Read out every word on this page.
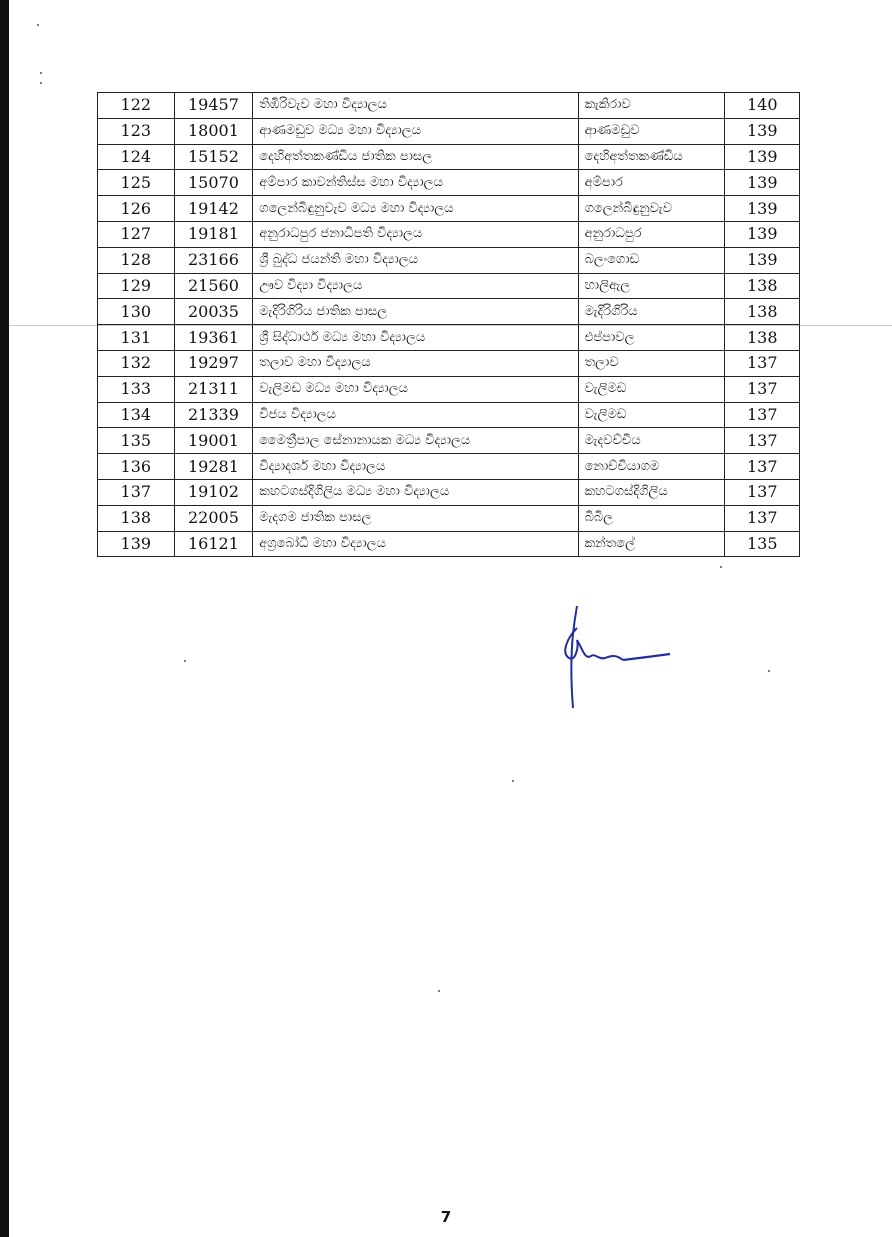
122	19457	තිඹිරිවැව මහා විද්‍යාලය	කැකිරාව	140
123	18001	ආණමඩුව මධ්‍ය මහා විද්‍යාලය	ආණමඩුව	139
124	15152	දෙහිඅත්තකණ්ඩිය ජාතික පාසල	දෙහිඅත්තකණ්ඩිය	139
125	15070	අම්පාර කාවන්තිස්ස මහා විද්‍යාලය	අම්පාර	139
126	19142	ගලෙන්බිඳුනුවැව මධ්‍ය මහා විද්‍යාලය	ගලෙන්බිඳුනුවැව	139
127	19181	අනුරාධපුර ජනාධිපති විද්‍යාලය	අනුරාධපුර	139
128	23166	ශ්‍රී බුද්ධ ජයන්ති මහා විද්‍යාලය	බලංගොඩ	139
129	21560	ඌව විද්‍යා විද්‍යාලය	හාලිඇල	138
130	20035	මැදිරිගිරිය ජාතික පාසල	මැදිරිගිරිය	138
131	19361	ශ්‍රී සිද්ධාර්ථ මධ්‍ය මහා විද්‍යාලය	එප්පාවල	138
132	19297	තලාව මහා විද්‍යාලය	තලාව	137
133	21311	වැලිමඩ මධ්‍ය මහා විද්‍යාලය	වැලිමඩ	137
134	21339	විජය විද්‍යාලය	වැලිමඩ	137
135	19001	මෛත්‍රීපාල සේනානායක මධ්‍ය විද්‍යාලය	මැදවච්චිය	137
136	19281	විද්‍යාදර්ශ මහා විද්‍යාලය	නොච්චියාගම	137
137	19102	කහටගස්දිගිලිය මධ්‍ය මහා විද්‍යාලය	කහටගස්දිගිලිය	137
138	22005	මැදගම ජාතික පාසල	බිබිල	137
139	16121	අග්‍රබෝධි මහා විද්‍යාලය	කන්තලේ	135
7
